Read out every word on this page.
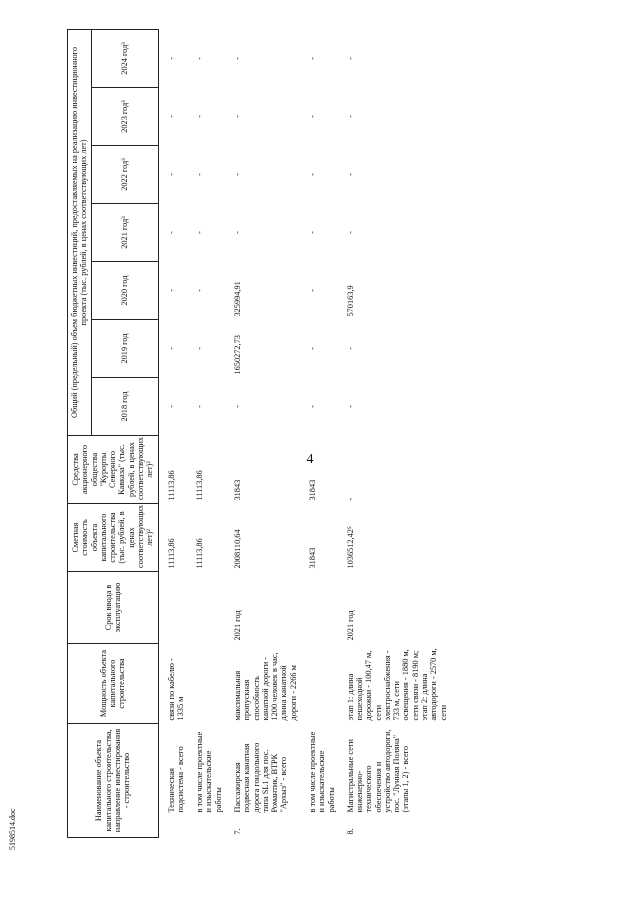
4
5198514.doc
Наименование объекта капитального строительства, направление инвестирования - строительство		Мощность объекта капитального строительства	Срок ввода в эксплуатацию	Сметная стоимость объекта капитального строительства (тыс. рублей, в ценах соответствующих лет)²	Средства акционерного общества "Курорты Северного Кавказа" (тыс. рублей, в ценах соответствующих лет)²	Общий (предельный) объем бюджетных инвестиций, предоставляемых на реализацию инвестиционного проекта (тыс. рублей, в ценах соответствующих лет)						
						2018 год	2019 год	2020 год	2021 год³	2022 год³	2023 год³	2024 год³
	Техническая подсистема - всего	связи по кабелю - 1335 м		11113,86	11113,86	-	-	-	-	-	-	-
	в том числе проектные и изыскательские работы			11113,86	11113,86	-	-	-	-	-	-	-
7.	Пассажирская подвесная канатная дорога гондольного типа SL1 для пос. Романтик, ВТРК "Архыз" - всего	максимальная пропускная способность канатной дороги - 1200 человек в час, длина канатной дороги - 2266 м	2021 год	2008110,64	31843	-	1650272,73	325994,91	-	-	-	-
	в том числе проектные и изыскательские работы			31843	31843	-	-	-	-	-	-	-
8.	Магистральные сети инженерно-технического обеспечения и устройство автодороги, пос. "Лунная Поляна" (этапы 1, 2) - всего	этап 1: длина пешеходной дорожки - 100,47 м, сети электроснабжения - 733 м, сети освещения - 1880 м, сети связи - 8190 м; этап 2: длина автодороги - 2570 м, сети	2021 год	1036512,42⁵	-	-	-	570163,9	-	-	-	-
